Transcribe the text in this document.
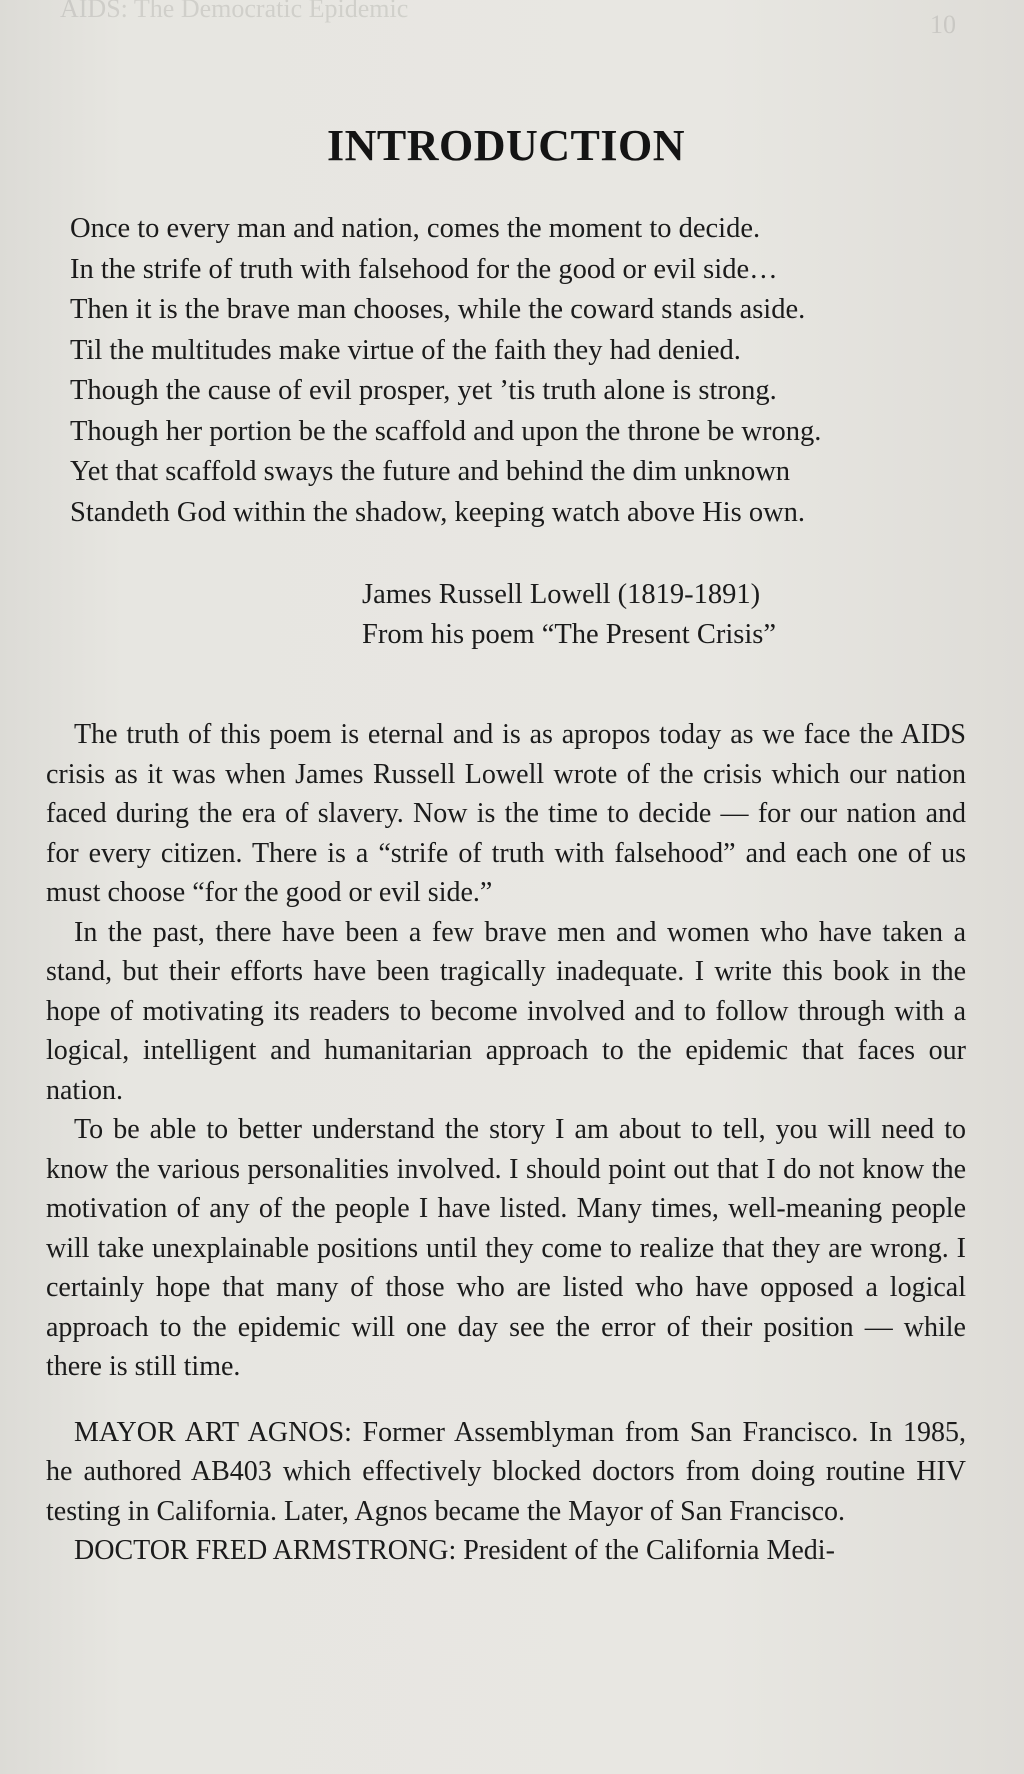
AIDS: The Democratic Epidemic
10
INTRODUCTION
Once to every man and nation, comes the moment to decide.
In the strife of truth with falsehood for the good or evil side…
Then it is the brave man chooses, while the coward stands aside.
Til the multitudes make virtue of the faith they had denied.
Though the cause of evil prosper, yet ’tis truth alone is strong.
Though her portion be the scaffold and upon the throne be wrong.
Yet that scaffold sways the future and behind the dim unknown
Standeth God within the shadow, keeping watch above His own.
James Russell Lowell (1819-1891)
From his poem “The Present Crisis”

The truth of this poem is eternal and is as apropos today as we face the AIDS crisis as it was when James Russell Lowell wrote of the crisis which our nation faced during the era of slavery. Now is the time to decide — for our nation and for every citizen. There is a “strife of truth with falsehood” and each one of us must choose “for the good or evil side.”

In the past, there have been a few brave men and women who have taken a stand, but their efforts have been tragically inadequate. I write this book in the hope of motivating its readers to become involved and to follow through with a logical, intelligent and humanitarian approach to the epidemic that faces our nation.

To be able to better understand the story I am about to tell, you will need to know the various personalities involved. I should point out that I do not know the motivation of any of the people I have listed. Many times, well-meaning people will take unexplainable positions until they come to realize that they are wrong. I certainly hope that many of those who are listed who have opposed a logical approach to the epidemic will one day see the error of their position — while there is still time.

MAYOR ART AGNOS: Former Assemblyman from San Francisco. In 1985, he authored AB403 which effectively blocked doctors from doing routine HIV testing in California. Later, Agnos became the Mayor of San Francisco.

DOCTOR FRED ARMSTRONG: President of the California Medi-
